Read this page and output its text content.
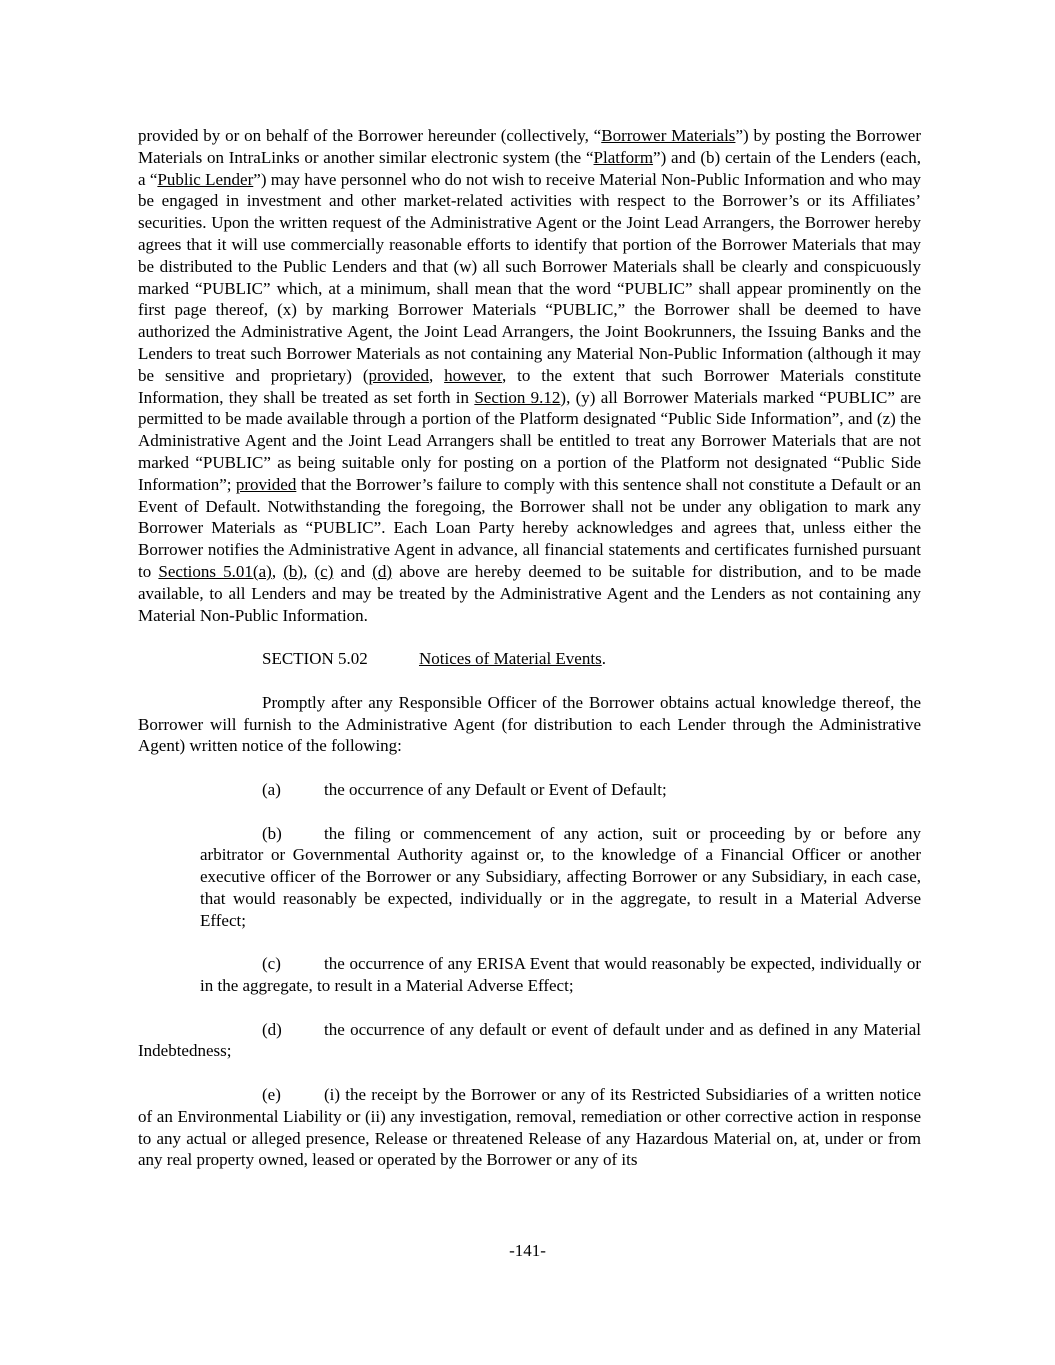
provided by or on behalf of the Borrower hereunder (collectively, “Borrower Materials”) by posting the Borrower Materials on IntraLinks or another similar electronic system (the “Platform”) and (b) certain of the Lenders (each, a “Public Lender”) may have personnel who do not wish to receive Material Non-Public Information and who may be engaged in investment and other market-related activities with respect to the Borrower’s or its Affiliates’ securities. Upon the written request of the Administrative Agent or the Joint Lead Arrangers, the Borrower hereby agrees that it will use commercially reasonable efforts to identify that portion of the Borrower Materials that may be distributed to the Public Lenders and that (w) all such Borrower Materials shall be clearly and conspicuously marked “PUBLIC” which, at a minimum, shall mean that the word “PUBLIC” shall appear prominently on the first page thereof, (x) by marking Borrower Materials “PUBLIC,” the Borrower shall be deemed to have authorized the Administrative Agent, the Joint Lead Arrangers, the Joint Bookrunners, the Issuing Banks and the Lenders to treat such Borrower Materials as not containing any Material Non-Public Information (although it may be sensitive and proprietary) (provided, however, to the extent that such Borrower Materials constitute Information, they shall be treated as set forth in Section 9.12), (y) all Borrower Materials marked “PUBLIC” are permitted to be made available through a portion of the Platform designated “Public Side Information”, and (z) the Administrative Agent and the Joint Lead Arrangers shall be entitled to treat any Borrower Materials that are not marked “PUBLIC” as being suitable only for posting on a portion of the Platform not designated “Public Side Information”; provided that the Borrower’s failure to comply with this sentence shall not constitute a Default or an Event of Default. Notwithstanding the foregoing, the Borrower shall not be under any obligation to mark any Borrower Materials as “PUBLIC”. Each Loan Party hereby acknowledges and agrees that, unless either the Borrower notifies the Administrative Agent in advance, all financial statements and certificates furnished pursuant to Sections 5.01(a), (b), (c) and (d) above are hereby deemed to be suitable for distribution, and to be made available, to all Lenders and may be treated by the Administrative Agent and the Lenders as not containing any Material Non-Public Information.

SECTION 5.02	Notices of Material Events.

Promptly after any Responsible Officer of the Borrower obtains actual knowledge thereof, the Borrower will furnish to the Administrative Agent (for distribution to each Lender through the Administrative Agent) written notice of the following:

(a)	the occurrence of any Default or Event of Default;

(b) the filing or commencement of any action, suit or proceeding by or before any arbitrator or Governmental Authority against or, to the knowledge of a Financial Officer or another executive officer of the Borrower or any Subsidiary, affecting Borrower or any Subsidiary, in each case, that would reasonably be expected, individually or in the aggregate, to result in a Material Adverse Effect;

(c)	the occurrence of any ERISA Event that would reasonably be expected, individually or in the aggregate, to result in a Material Adverse Effect;

(d) the occurrence of any default or event of default under and as defined in any Material Indebtedness;

(e)	(i) the receipt by the Borrower or any of its Restricted Subsidiaries of a written notice of an Environmental Liability or (ii) any investigation, removal, remediation or other corrective action in response to any actual or alleged presence, Release or threatened Release of any Hazardous Material on, at, under or from any real property owned, leased or operated by the Borrower or any of its

-141-
